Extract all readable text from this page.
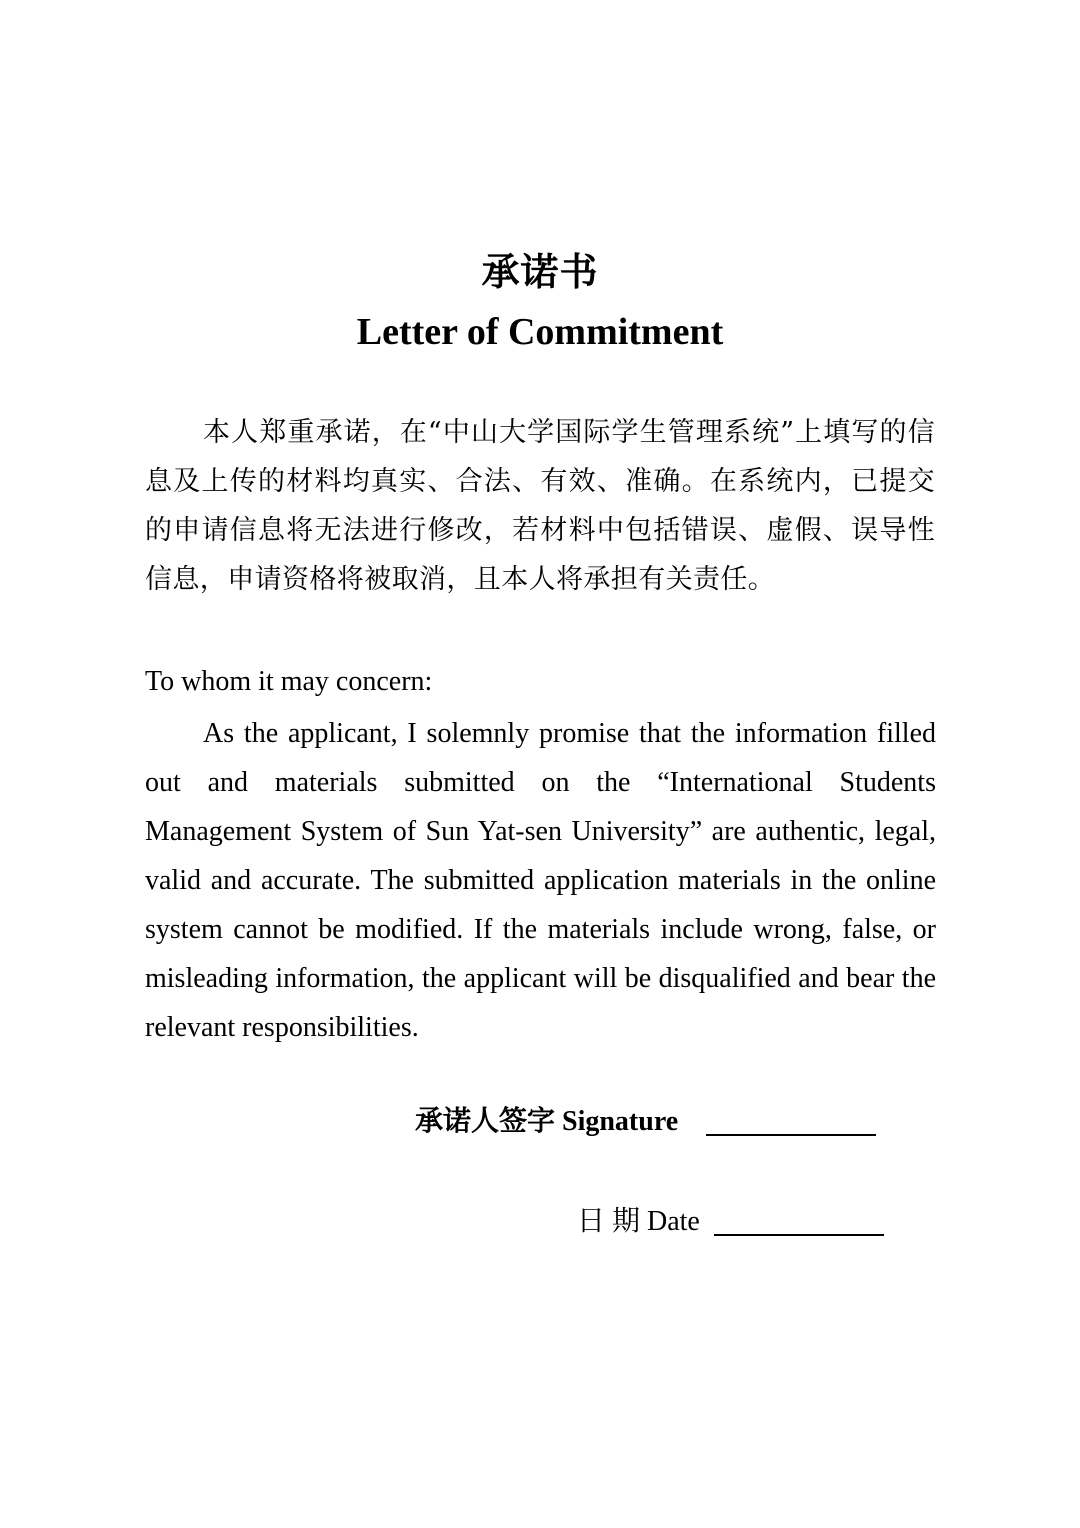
承诺书
Letter of Commitment
本人郑重承诺，在“中山大学国际学生管理系统”上填写的信息及上传的材料均真实、合法、有效、准确。在系统内，已提交的申请信息将无法进行修改，若材料中包括错误、虚假、误导性信息，申请资格将被取消，且本人将承担有关责任。
To whom it may concern:
As the applicant, I solemnly promise that the information filled out and materials submitted on the “International Students Management System of Sun Yat-sen University” are authentic, legal, valid and accurate. The submitted application materials in the online system cannot be modified. If the materials include wrong, false, or misleading information, the applicant will be disqualified and bear the relevant responsibilities.
承诺人签字 Signature
日 期 Date
